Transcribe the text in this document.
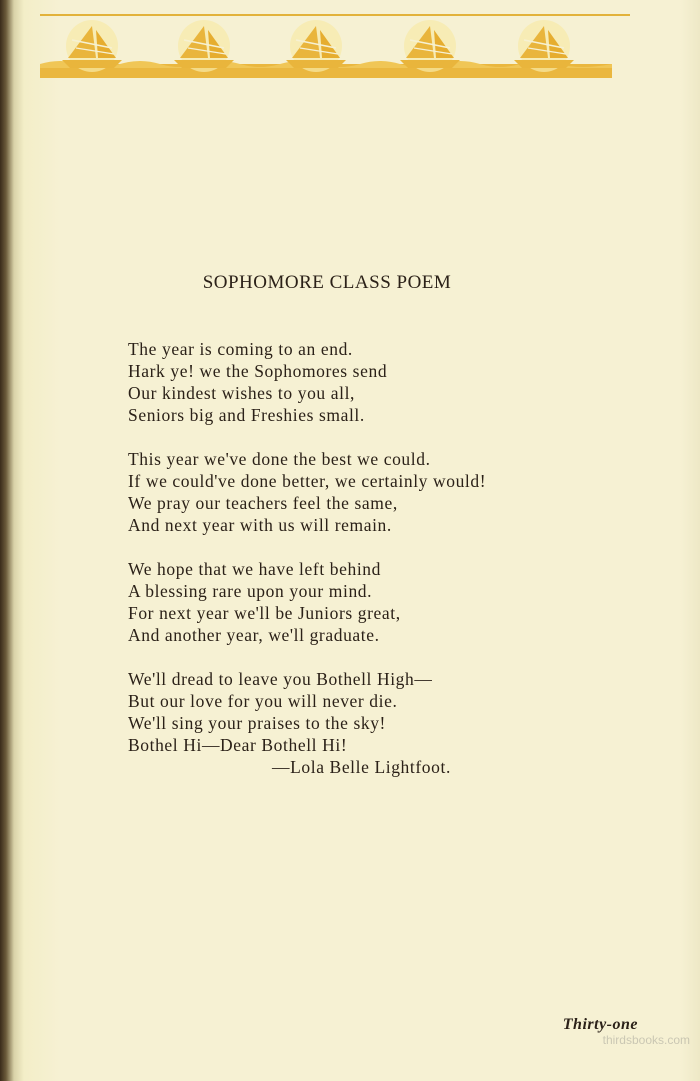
SOPHOMORE CLASS POEM
The year is coming to an end.
Hark ye! we the Sophomores send
Our kindest wishes to you all,
Seniors big and Freshies small.
This year we've done the best we could.
If we could've done better, we certainly would!
We pray our teachers feel the same,
And next year with us will remain.
We hope that we have left behind
A blessing rare upon your mind.
For next year we'll be Juniors great,
And another year, we'll graduate.
We'll dread to leave you Bothell High—
But our love for you will never die.
We'll sing your praises to the sky!
Bothel Hi—Dear Bothell Hi!
—Lola Belle Lightfoot.
Thirty-one
thirdsbooks.com
